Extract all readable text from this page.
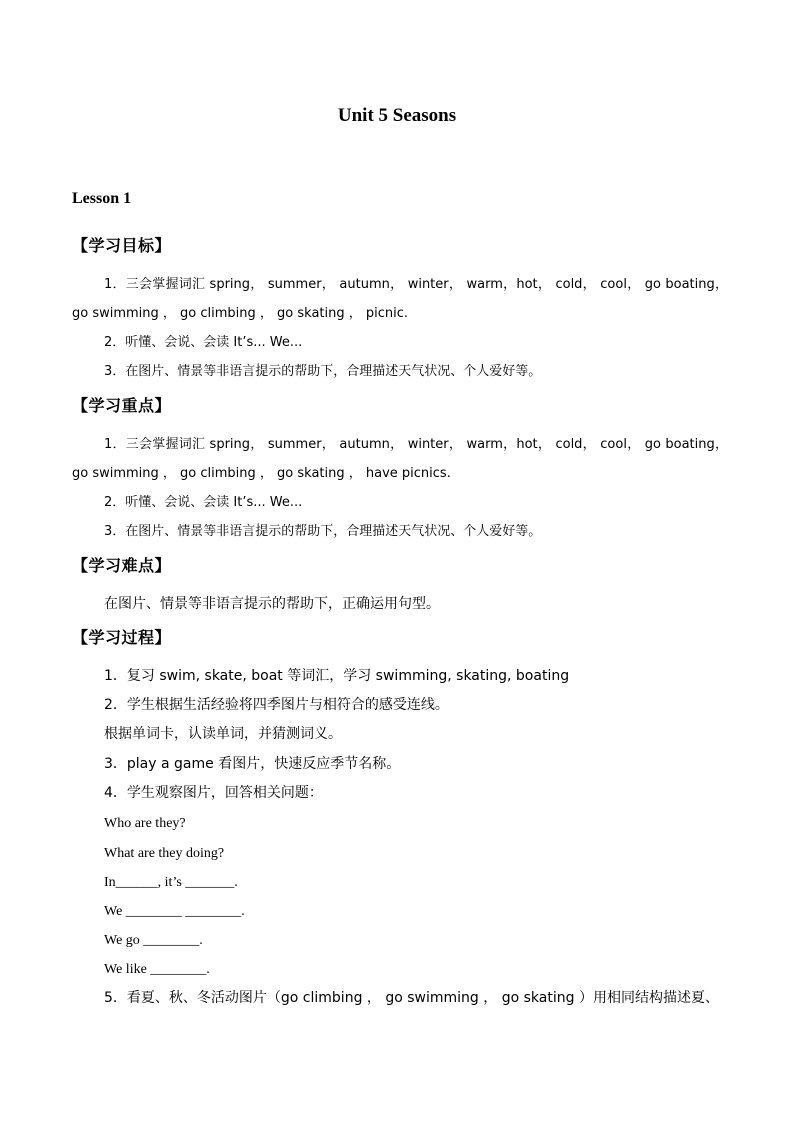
Unit 5 Seasons
Lesson 1
【学习目标】
1．三会掌握词汇 spring， summer， autumn， winter， warm，hot， cold， cool， go boating，
go swimming ， go climbing ， go skating ， picnic.
2．听懂、会说、会读 It’s... We...
3．在图片、情景等非语言提示的帮助下，合理描述天气状况、个人爱好等。
【学习重点】
1．三会掌握词汇 spring， summer， autumn， winter， warm，hot， cold， cool， go boating，
go swimming ， go climbing ， go skating ， have picnics.
2．听懂、会说、会读 It’s... We...
3．在图片、情景等非语言提示的帮助下，合理描述天气状况、个人爱好等。
【学习难点】
在图片、情景等非语言提示的帮助下，正确运用句型。
【学习过程】
1．复习 swim, skate, boat 等词汇，学习 swimming, skating, boating
2．学生根据生活经验将四季图片与相符合的感受连线。
根据单词卡，认读单词，并猜测词义。
3．play a game 看图片，快速反应季节名称。
4．学生观察图片，回答相关问题：
Who are they?
What are they doing?
In______, it’s _______.
We ________ ________.
We go ________.
We like ________.
5．看夏、秋、冬活动图片（go climbing ， go swimming ， go skating ）用相同结构描述夏、
